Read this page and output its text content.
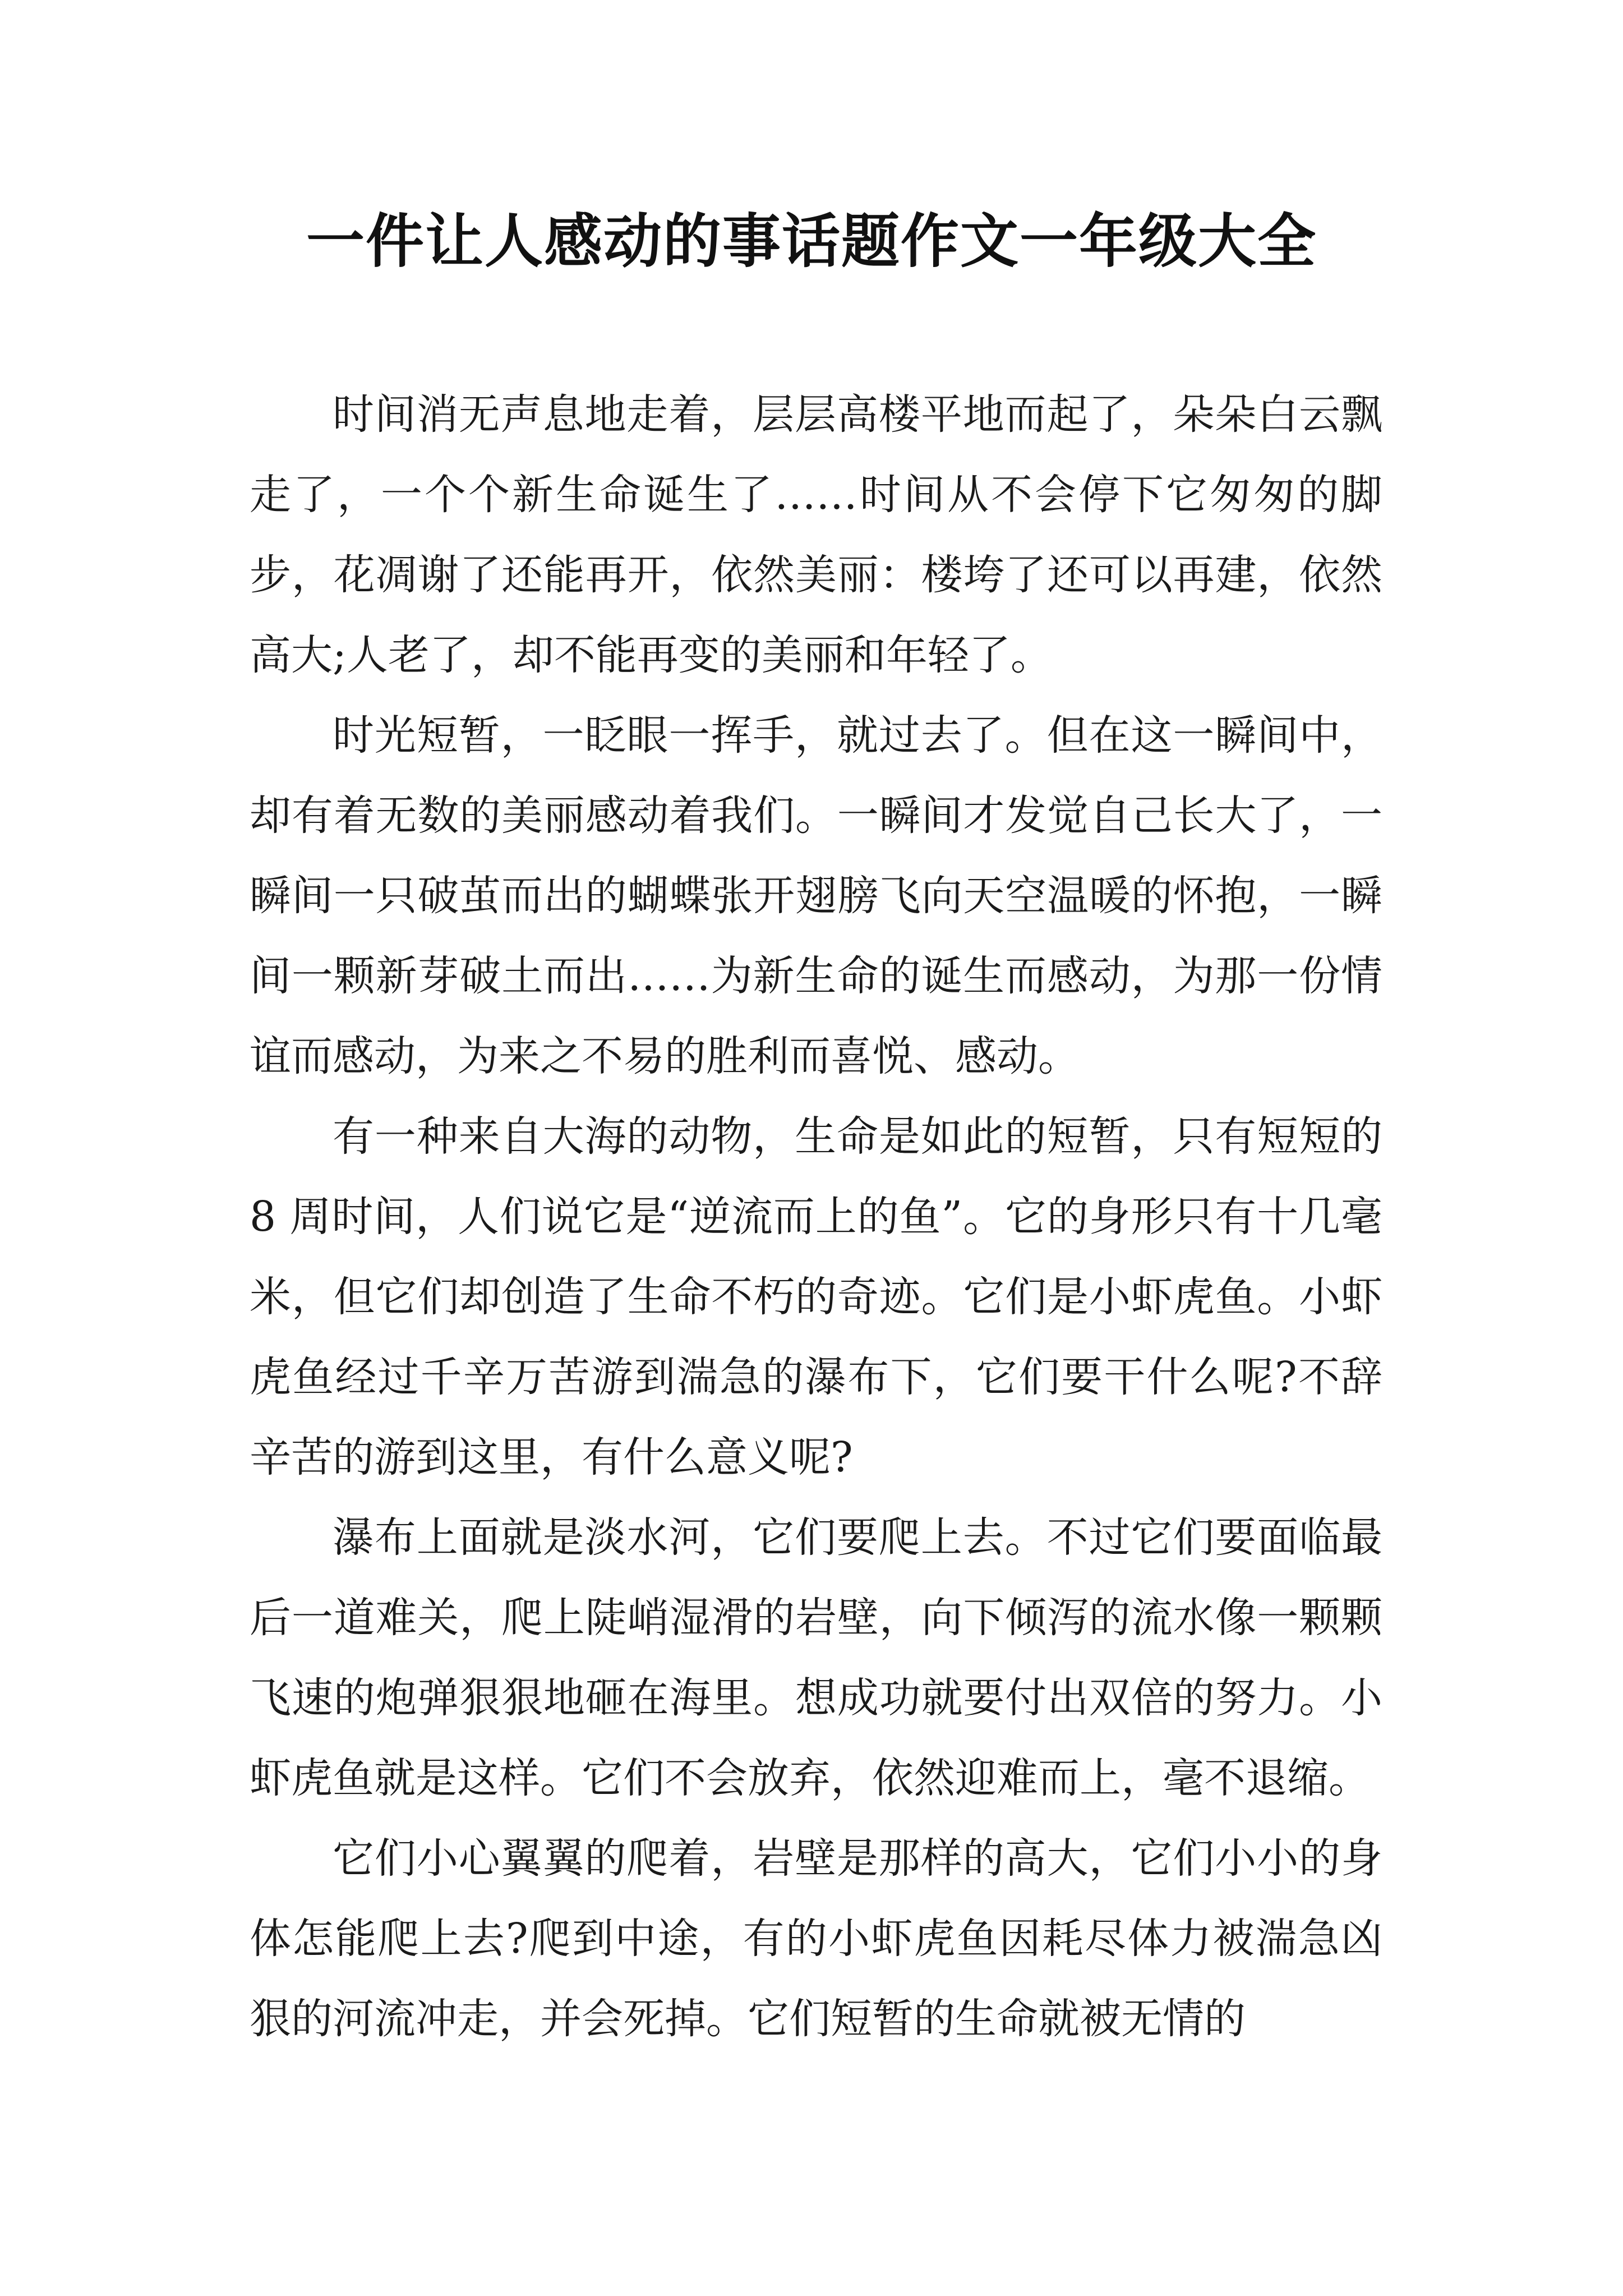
一件让人感动的事话题作文一年级大全

时间消无声息地走着，层层高楼平地而起了，朵朵白云飘走了，一个个新生命诞生了……时间从不会停下它匆匆的脚步，花凋谢了还能再开，依然美丽：楼垮了还可以再建，依然高大;人老了，却不能再变的美丽和年轻了。

时光短暂，一眨眼一挥手，就过去了。但在这一瞬间中，却有着无数的美丽感动着我们。一瞬间才发觉自己长大了，一瞬间一只破茧而出的蝴蝶张开翅膀飞向天空温暖的怀抱，一瞬间一颗新芽破土而出……为新生命的诞生而感动，为那一份情谊而感动，为来之不易的胜利而喜悦、感动。

有一种来自大海的动物，生命是如此的短暂，只有短短的 8 周时间，人们说它是“逆流而上的鱼”。它的身形只有十几毫米，但它们却创造了生命不朽的奇迹。它们是小虾虎鱼。小虾虎鱼经过千辛万苦游到湍急的瀑布下，它们要干什么呢?不辞辛苦的游到这里，有什么意义呢?

瀑布上面就是淡水河，它们要爬上去。不过它们要面临最后一道难关，爬上陡峭湿滑的岩壁，向下倾泻的流水像一颗颗飞速的炮弹狠狠地砸在海里。想成功就要付出双倍的努力。小虾虎鱼就是这样。它们不会放弃，依然迎难而上，毫不退缩。

它们小心翼翼的爬着，岩壁是那样的高大，它们小小的身体怎能爬上去?爬到中途，有的小虾虎鱼因耗尽体力被湍急凶狠的河流冲走，并会死掉。它们短暂的生命就被无情的
